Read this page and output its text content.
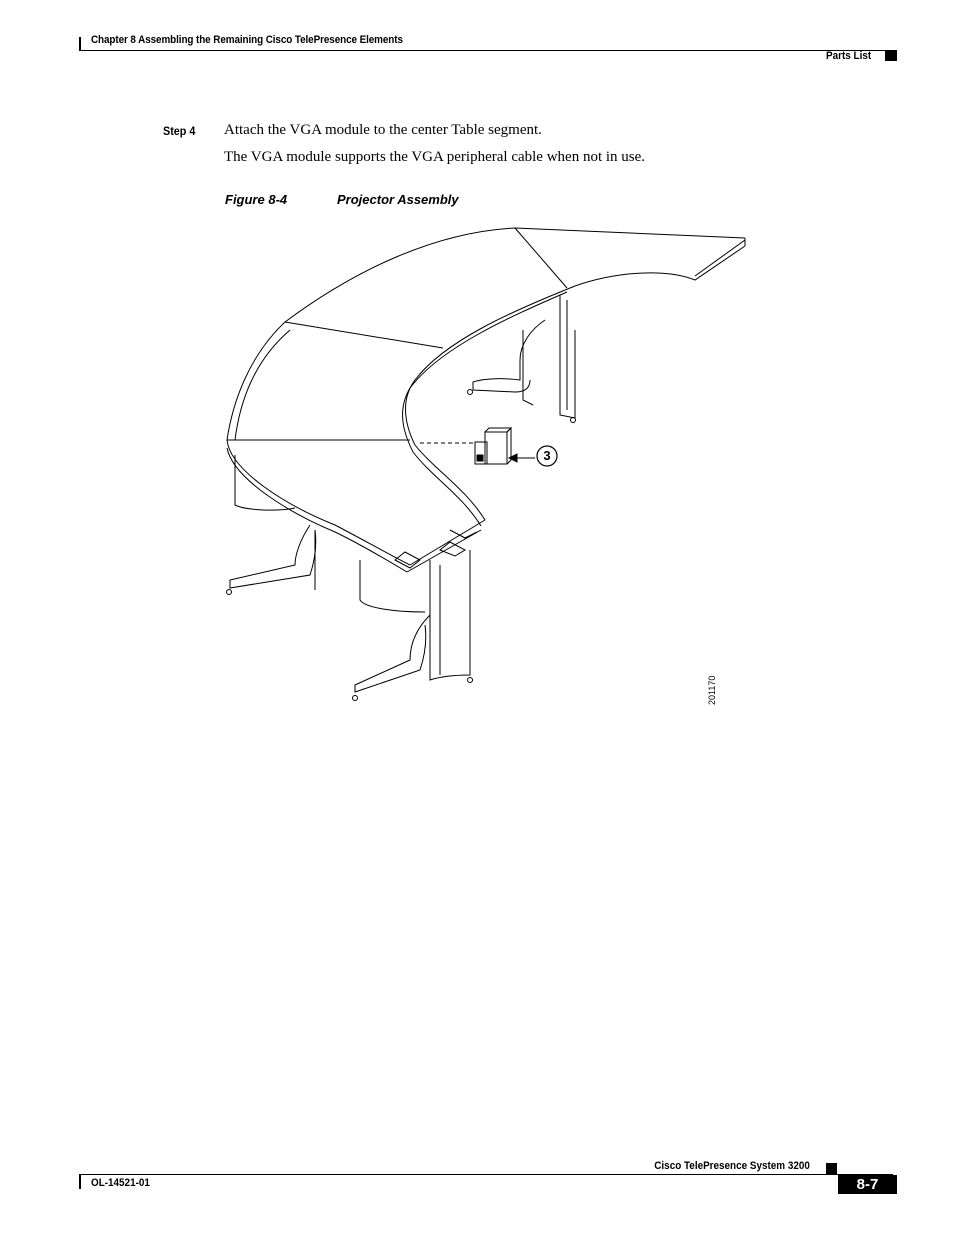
Chapter 8 Assembling the Remaining Cisco TelePresence Elements
Parts List
Step 4 Attach the VGA module to the center Table segment.
The VGA module supports the VGA peripheral cable when not in use.
Figure 8-4	Projector Assembly
3
201170
Cisco TelePresence System 3200
OL-14521-01	8-7
